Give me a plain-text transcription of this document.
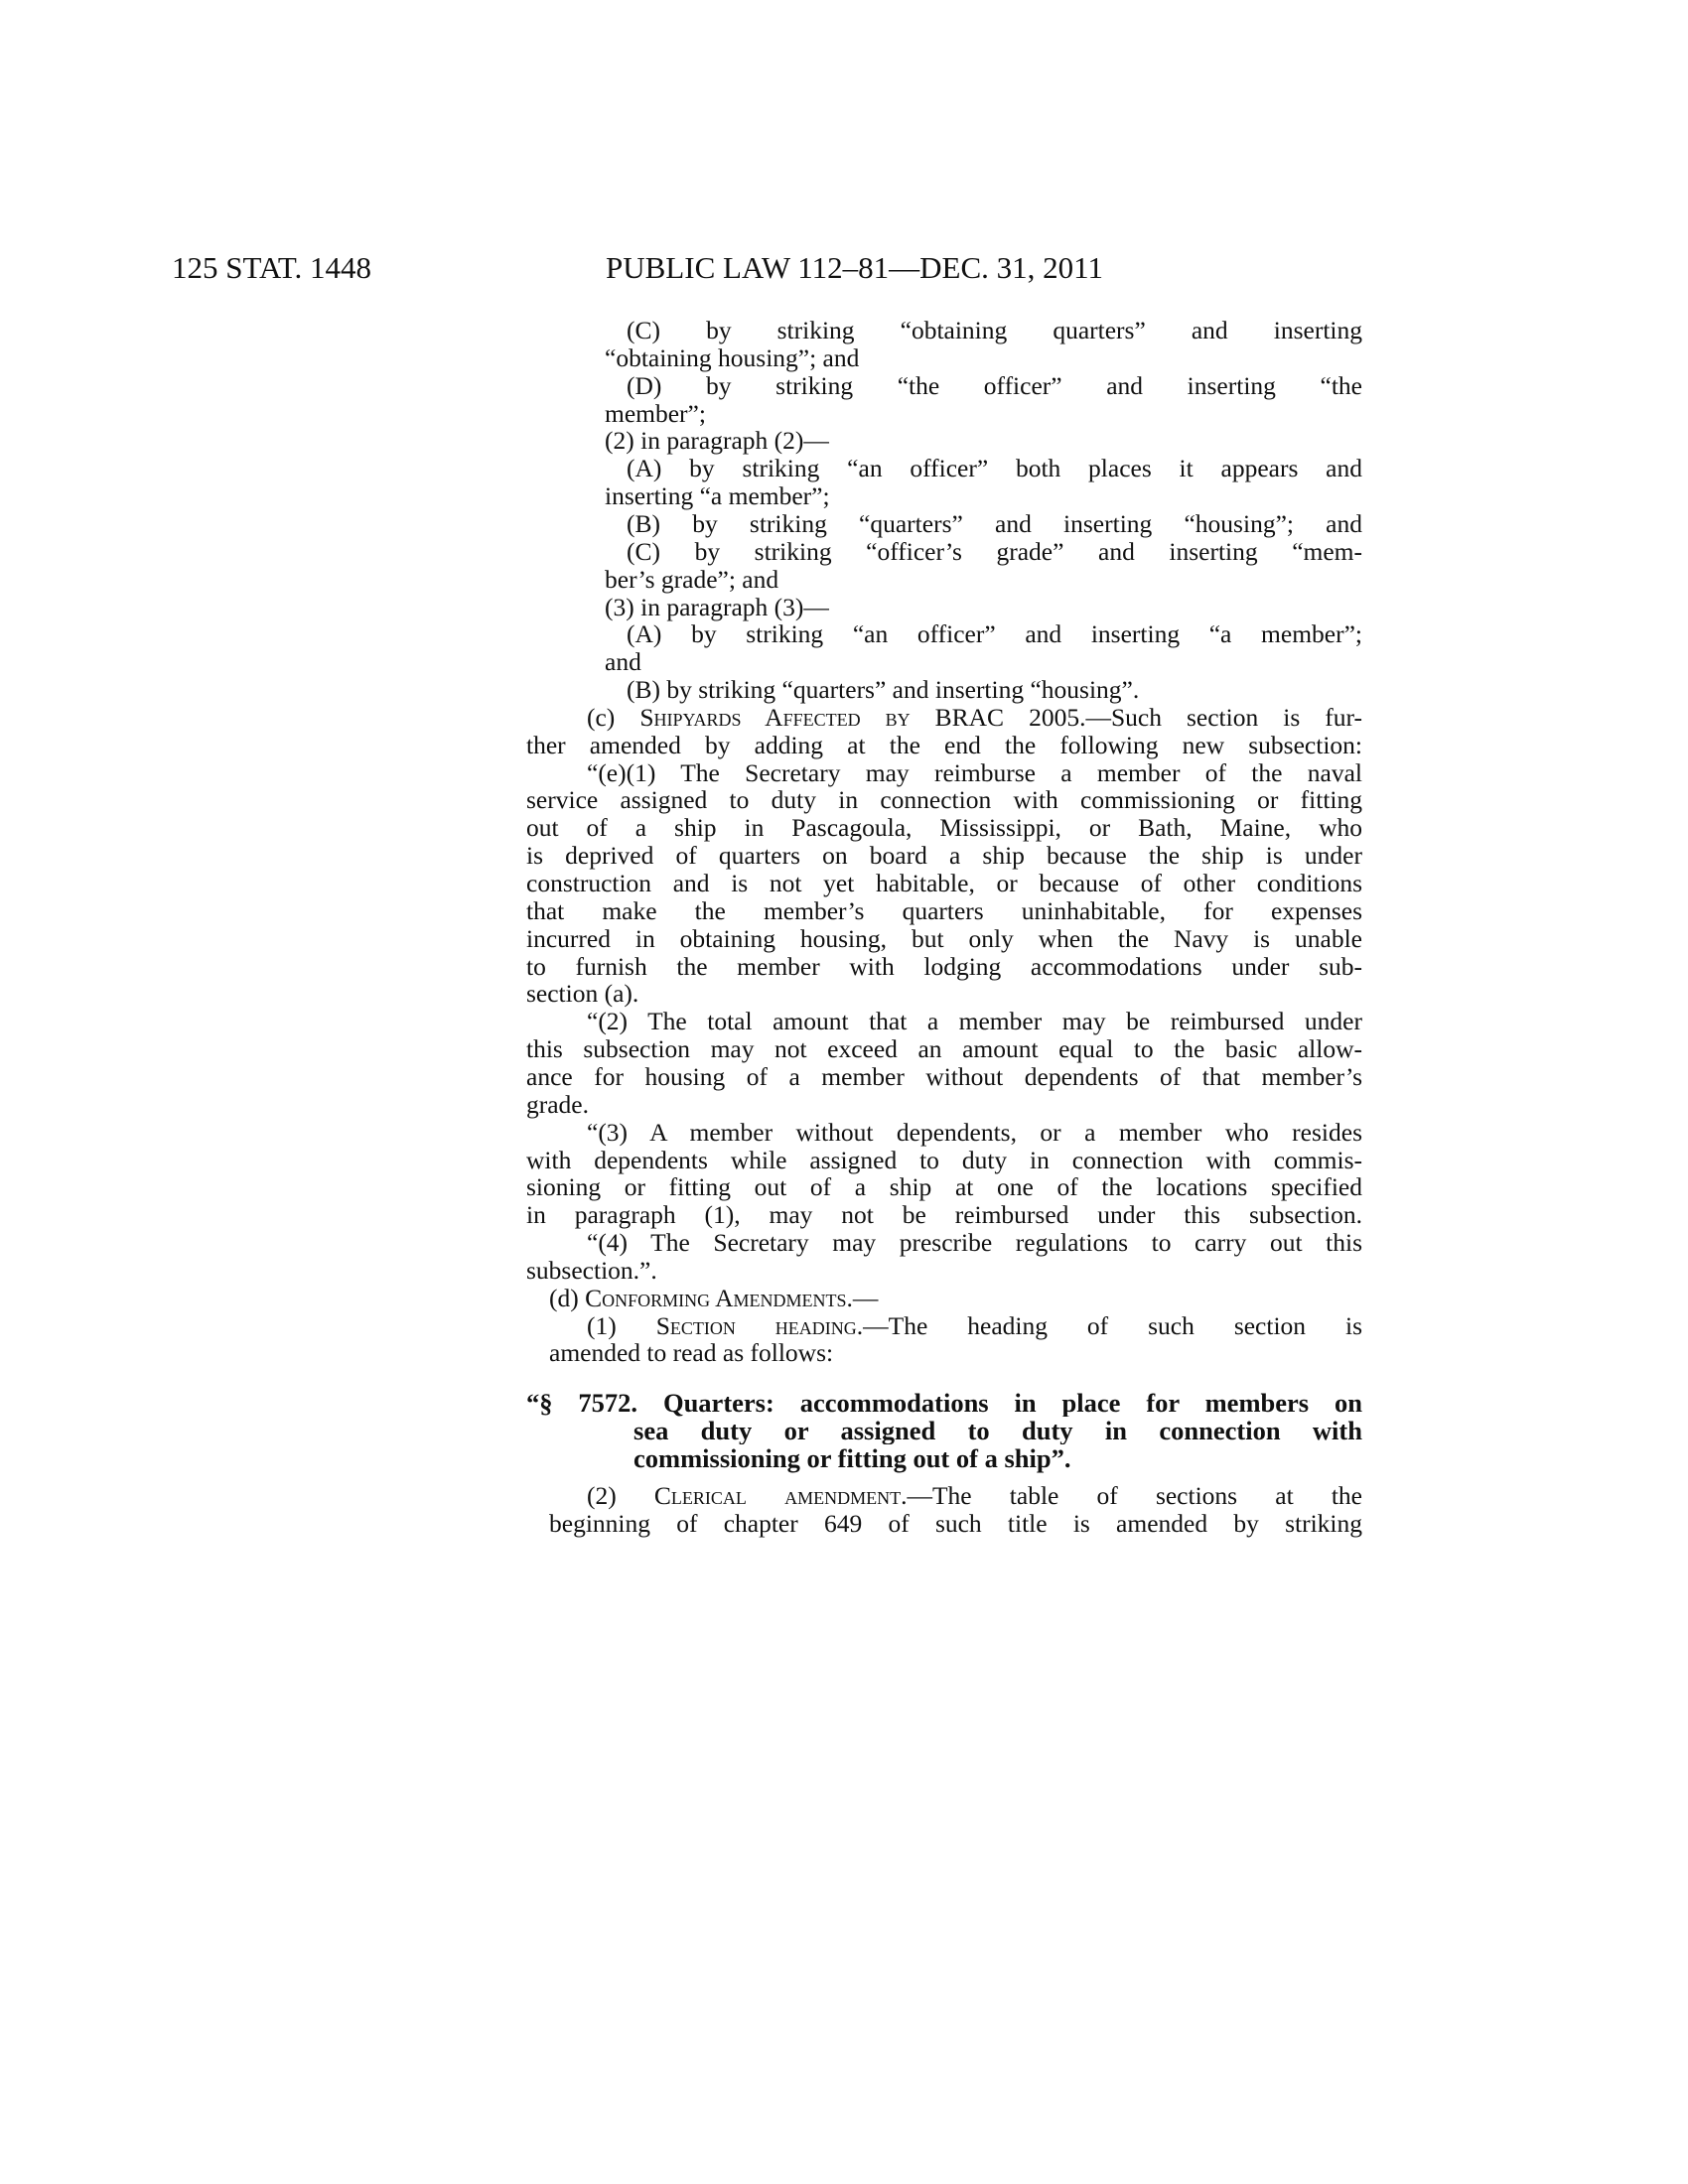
125 STAT. 1448	PUBLIC LAW 112–81—DEC. 31, 2011
(C) by striking “obtaining quarters” and inserting
“obtaining housing”; and
(D) by striking “the officer” and inserting “the
member”;
(2) in paragraph (2)—
(A) by striking “an officer” both places it appears and
inserting “a member”;
(B) by striking “quarters” and inserting “housing”; and
(C) by striking “officer’s grade” and inserting “mem-
ber’s grade”; and
(3) in paragraph (3)—
(A) by striking “an officer” and inserting “a member”;
and
(B) by striking “quarters” and inserting “housing”.
(c) Shipyards Affected by BRAC 2005.—Such section is fur-
ther amended by adding at the end the following new subsection:
“(e)(1) The Secretary may reimburse a member of the naval
service assigned to duty in connection with commissioning or fitting
out of a ship in Pascagoula, Mississippi, or Bath, Maine, who
is deprived of quarters on board a ship because the ship is under
construction and is not yet habitable, or because of other conditions
that make the member’s quarters uninhabitable, for expenses
incurred in obtaining housing, but only when the Navy is unable
to furnish the member with lodging accommodations under sub-
section (a).
“(2) The total amount that a member may be reimbursed under
this subsection may not exceed an amount equal to the basic allow-
ance for housing of a member without dependents of that member’s
grade.
“(3) A member without dependents, or a member who resides
with dependents while assigned to duty in connection with commis-
sioning or fitting out of a ship at one of the locations specified
in paragraph (1), may not be reimbursed under this subsection.
“(4) The Secretary may prescribe regulations to carry out this
subsection.”.
(d) Conforming Amendments.—
(1) Section heading.—The heading of such section is
amended to read as follows:
“§ 7572. Quarters: accommodations in place for members on
sea duty or assigned to duty in connection with
commissioning or fitting out of a ship”.
(2) Clerical amendment.—The table of sections at the
beginning of chapter 649 of such title is amended by striking
